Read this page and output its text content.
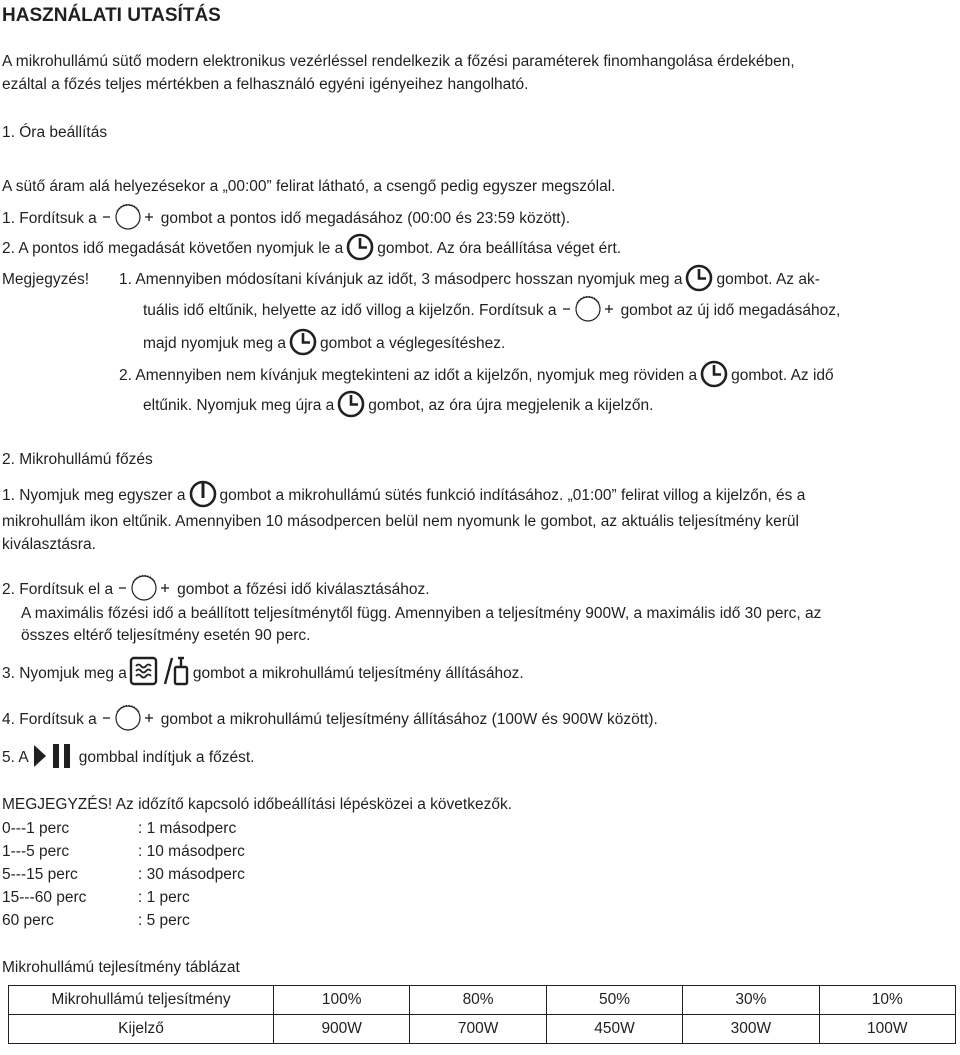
HASZNÁLATI UTASÍTÁS
A mikrohullámú sütő modern elektronikus vezérléssel rendelkezik a főzési paraméterek finomhangolása érdekében,
ezáltal a főzés teljes mértékben a felhasználó egyéni igényeihez hangolható.
1. Óra beállítás
A sütő áram alá helyezésekor a „00:00” felirat látható, a csengő pedig egyszer megszólal.
1. Fordítsuk a	gombot a pontos idő megadásához (00:00 és 23:59 között).
2. A pontos idő megadását követően nyomjuk le a gombot. Az óra beállítása véget ért.
Megjegyzés! 1. Amennyiben módosítani kívánjuk az időt, 3 másodperc hosszan nyomjuk meg a gombot. Az ak-
tuális idő eltűnik, helyette az idő villog a kijelzőn. Fordítsuk a	gombot az új idő megadásához,
majd nyomjuk meg a gombot a véglegesítéshez.
2. Amennyiben nem kívánjuk megtekinteni az időt a kijelzőn, nyomjuk meg röviden a gombot. Az idő
eltűnik. Nyomjuk meg újra a gombot, az óra újra megjelenik a kijelzőn.
2. Mikrohullámú főzés
1. Nyomjuk meg egyszer a gombot a mikrohullámú sütés funkció indításához. „01:00” felirat villog a kijelzőn, és a
mikrohullám ikon eltűnik. Amennyiben 10 másodpercen belül nem nyomunk le gombot, az aktuális teljesítmény kerül
kiválasztásra.
2. Fordítsuk el a	gombot a főzési idő kiválasztásához.
A maximális főzési idő a beállított teljesítménytől függ. Amennyiben a teljesítmény 900W, a maximális idő 30 perc, az
összes eltérő teljesítmény esetén 90 perc.
3. Nyomjuk meg a	gombot a mikrohullámú teljesítmény állításához.
4. Fordítsuk a	gombot a mikrohullámú teljesítmény állításához (100W és 900W között).
5. A	gombbal indítjuk a főzést.
MEGJEGYZÉS! Az időzítő kapcsoló időbeállítási lépésközei a következők.
0---1 perc	: 1 másodperc
1---5 perc	: 10 másodperc
5---15 perc	: 30 másodperc
15---60 perc	: 1 perc
60 perc	: 5 perc
Mikrohullámú tejlesítmény táblázat
Mikrohullámú teljesítmény	100%	80%	50%	30%	10%
Kijelző	900W	700W	450W	300W	100W
